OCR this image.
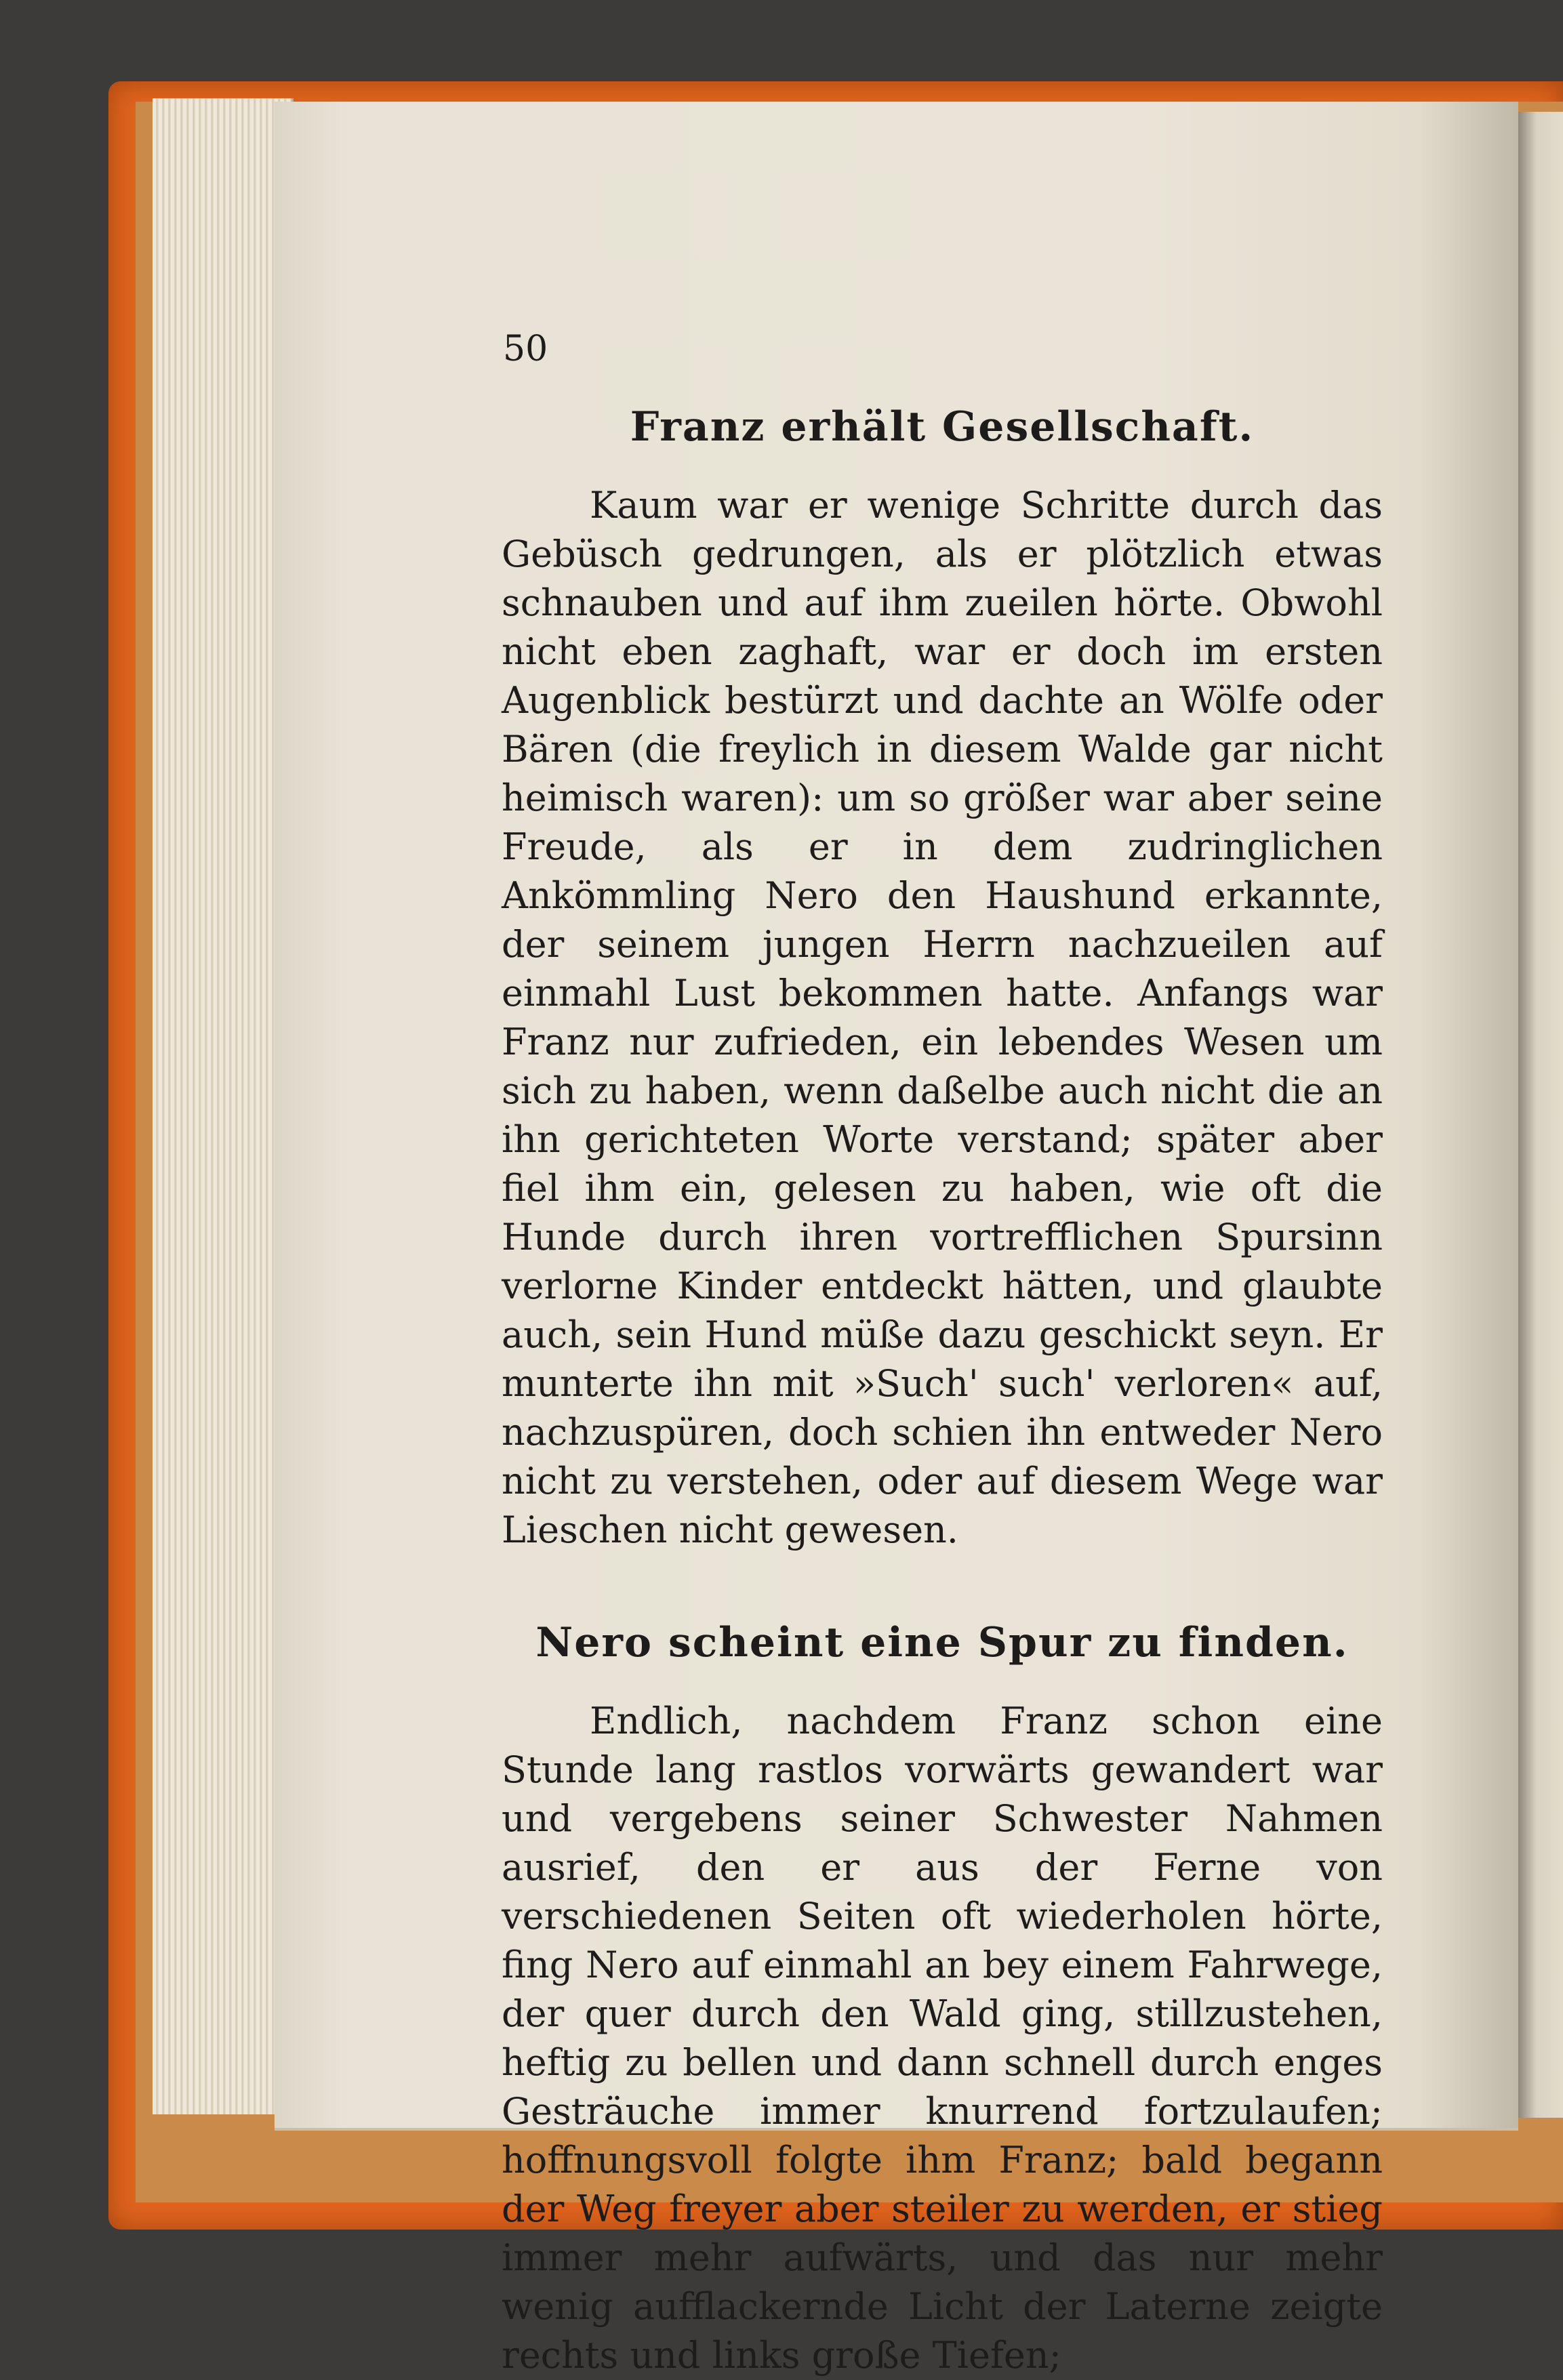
50
Franz erhält Gesellschaft.

Kaum war er wenige Schritte durch das Gebüsch gedrungen, als er plötzlich etwas schnauben und auf ihm zueilen hörte. Obwohl nicht eben zaghaft, war er doch im ersten Augenblick bestürzt und dachte an Wölfe oder Bären (die freylich in diesem Walde gar nicht heimisch waren): um so größer war aber seine Freude, als er in dem zudringlichen Ankömmling Nero den Haushund erkannte, der seinem jungen Herrn nachzueilen auf einmahl Lust bekommen hatte. Anfangs war Franz nur zufrieden, ein lebendes Wesen um sich zu haben, wenn daßelbe auch nicht die an ihn gerichteten Worte verstand; später aber fiel ihm ein, gelesen zu haben, wie oft die Hunde durch ihren vortrefflichen Spursinn verlorne Kinder entdeckt hätten, und glaubte auch, sein Hund müße dazu geschickt seyn. Er munterte ihn mit »Such' such' verloren« auf, nachzuspüren, doch schien ihn entweder Nero nicht zu verstehen, oder auf diesem Wege war Lieschen nicht gewesen.

Nero scheint eine Spur zu finden.

Endlich, nachdem Franz schon eine Stunde lang rastlos vorwärts gewandert war und vergebens seiner Schwester Nahmen ausrief, den er aus der Ferne von verschiedenen Seiten oft wiederholen hörte, fing Nero auf einmahl an bey einem Fahrwege, der quer durch den Wald ging, stillzustehen, heftig zu bellen und dann schnell durch enges Gesträuche immer knurrend fortzulaufen; hoffnungsvoll folgte ihm Franz; bald begann der Weg freyer aber steiler zu werden, er stieg immer mehr aufwärts, und das nur mehr wenig aufflackernde Licht der Laterne zeigte rechts und links große Tiefen;
